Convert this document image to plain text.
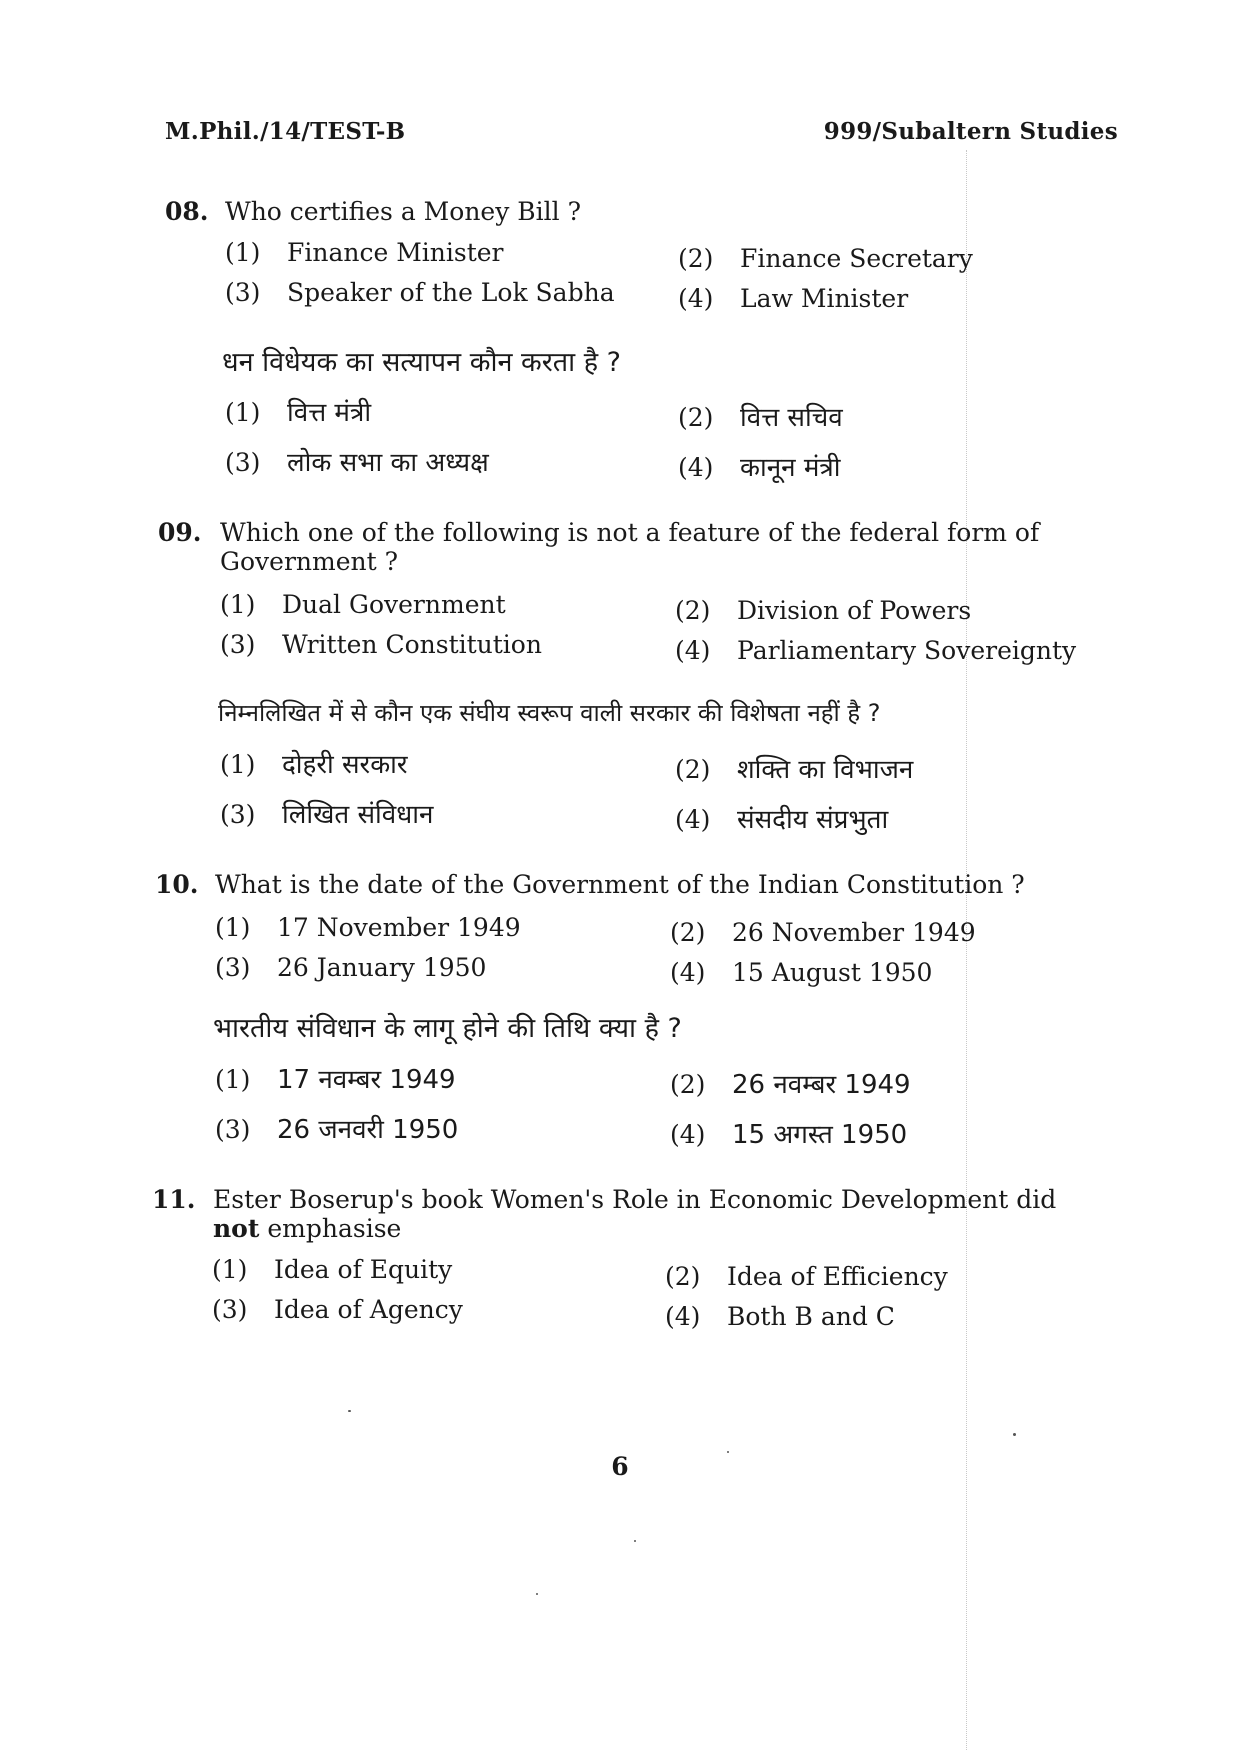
M.Phil./14/TEST-B	999/Subaltern Studies
08. Who certifies a Money Bill ?
(1) Finance Minister	(2) Finance Secretary
(3) Speaker of the Lok Sabha	(4) Law Minister
धन विधेयक का सत्यापन कौन करता है ?
(1) वित्त मंत्री	(2) वित्त सचिव
(3) लोक सभा का अध्यक्ष	(4) कानून मंत्री
09. Which one of the following is not a feature of the federal form of Government ?
(1) Dual Government	(2) Division of Powers
(3) Written Constitution	(4) Parliamentary Sovereignty
निम्नलिखित में से कौन एक संघीय स्वरूप वाली सरकार की विशेषता नहीं है ?
(1) दोहरी सरकार	(2) शक्ति का विभाजन
(3) लिखित संविधान	(4) संसदीय संप्रभुता
10. What is the date of the Government of the Indian Constitution ?
(1) 17 November 1949	(2) 26 November 1949
(3) 26 January 1950	(4) 15 August 1950
भारतीय संविधान के लागू होने की तिथि क्या है ?
(1) 17 नवम्बर 1949	(2) 26 नवम्बर 1949
(3) 26 जनवरी 1950	(4) 15 अगस्त 1950
11. Ester Boserup's book Women's Role in Economic Development did
not emphasise
(1) Idea of Equity	(2) Idea of Efficiency
(3) Idea of Agency	(4) Both B and C
6
